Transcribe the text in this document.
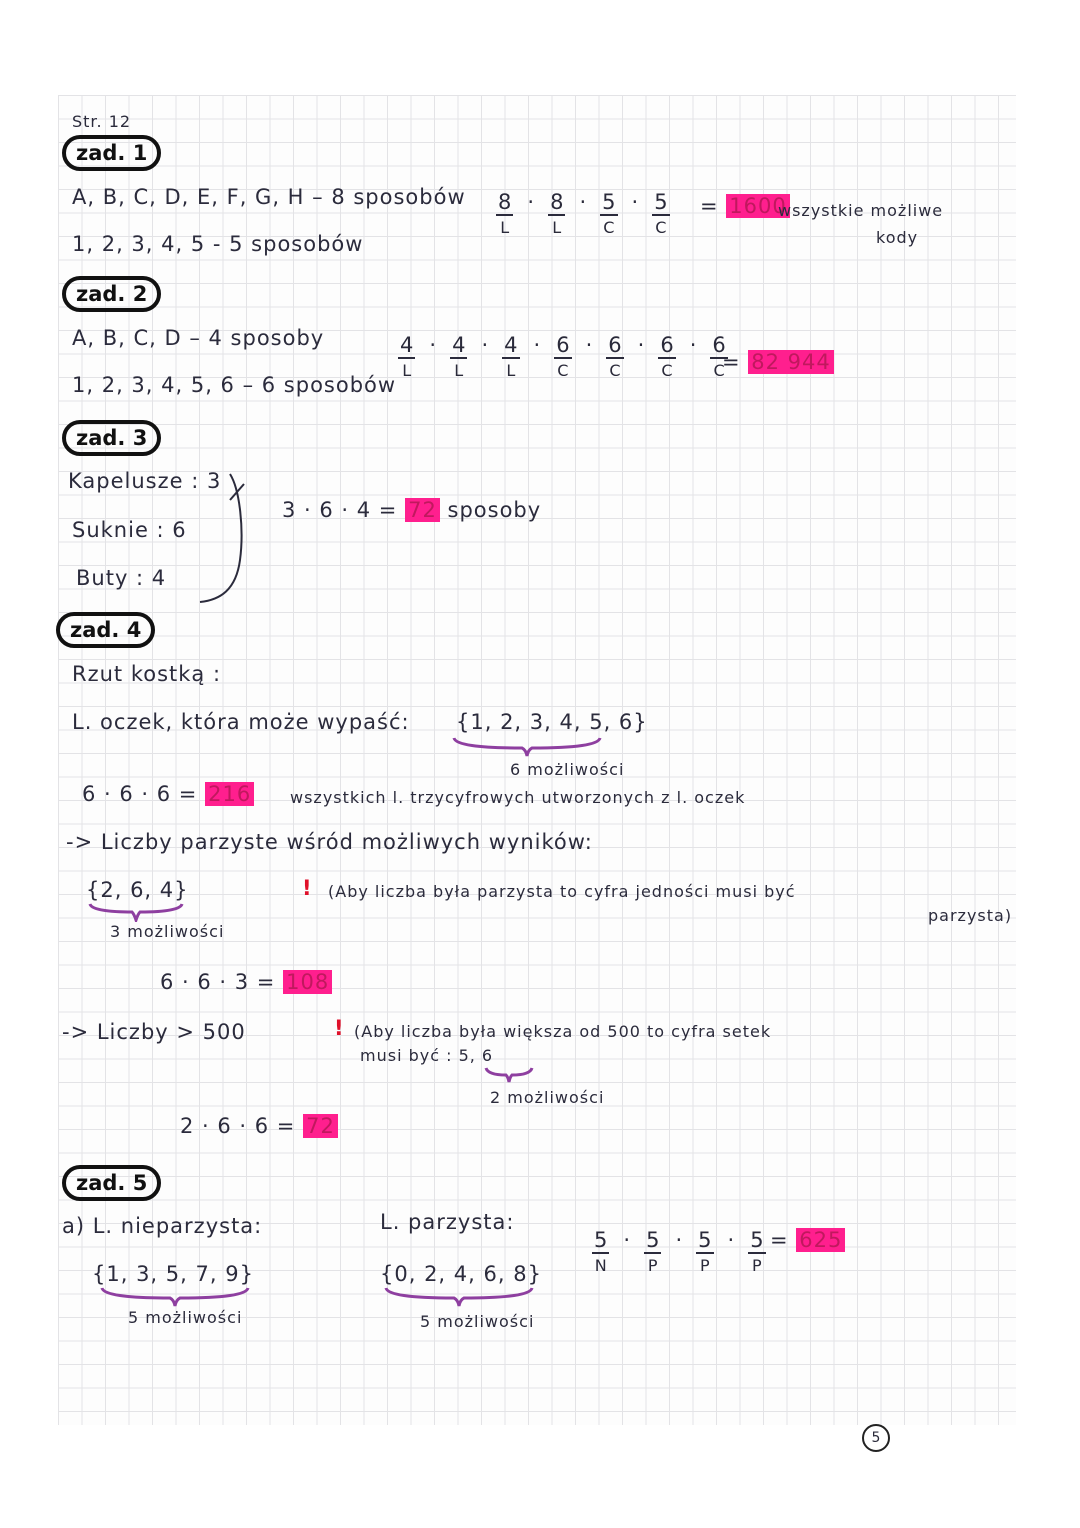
Str. 12
zad. 1
A, B, C, D, E, F, G, H – 8 sposobów
1, 2, 3, 4, 5 - 5 sposobów
8
L
· 8
L
· 5
C
· 5
C
= 1600
wszystkie możliwe
kody
zad. 2
A, B, C, D – 4 sposoby
1, 2, 3, 4, 5, 6 – 6 sposobów
4
L
· 4
L
· 4
L
· 6
C
· 6
C
· 6
C
· 6
C
= 82 944
zad. 3
Kapelusze : 3
Suknie : 6
Buty : 4
3 · 6 · 4 = 72 sposoby
zad. 4
Rzut kostką :
L. oczek, która może wypaść: {1, 2, 3, 4, 5, 6}
6 możliwości
6 · 6 · 6 = 216 wszystkich l. trzycyfrowych utworzonych z l. oczek
-> Liczby parzyste wśród możliwych wyników:
{2, 6, 4}
3 możliwości
! (Aby liczba była parzysta to cyfra jedności musi być
parzysta)
6 · 6 · 3 = 108
-> Liczby > 500	! (Aby liczba była większa od 500 to cyfra setek
musi być : 5, 6
2 możliwości
2 · 6 · 6 = 72
zad. 5
a) L. nieparzysta:
{1, 3, 5, 7, 9}
5 możliwości
L. parzysta:
{0, 2, 4, 6, 8}
5 możliwości
5
N
· 5
P
· 5
P
· 5
P
= 625
5
